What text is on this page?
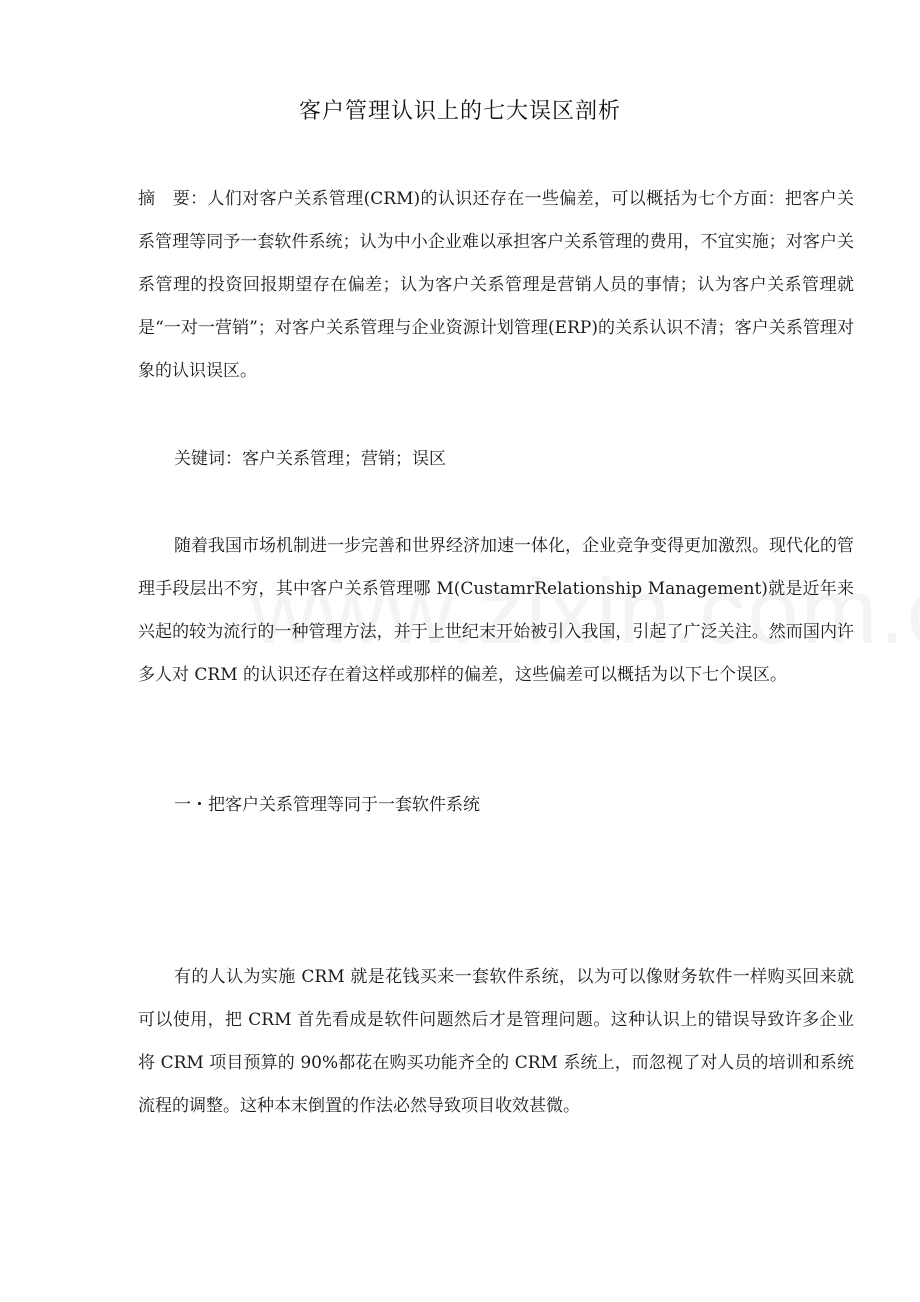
客户管理认识上的七大误区剖析

摘　要：人们对客户关系管理(CRM)的认识还存在一些偏差，可以概括为七个方面：把客户关系管理等同予一套软件系统；认为中小企业难以承担客户关系管理的费用，不宜实施；对客户关系管理的投资回报期望存在偏差；认为客户关系管理是营销人员的事情；认为客户关系管理就是“一对一营销”；对客户关系管理与企业资源计划管理(ERP)的关系认识不清；客户关系管理对象的认识误区。

关键词：客户关系管理；营销；误区

随着我国市场机制进一步完善和世界经济加速一体化，企业竞争变得更加激烈。现代化的管理手段层出不穷，其中客户关系管理哪 M(CustamrRelationship Management)就是近年来兴起的较为流行的一种管理方法，并于上世纪末开始被引入我国，引起了广泛关注。然而国内许多人对 CRM 的认识还存在着这样或那样的偏差，这些偏差可以概括为以下七个误区。

一・把客户关系管理等同于一套软件系统

有的人认为实施 CRM 就是花钱买来一套软件系统，以为可以像财务软件一样购买回来就可以使用，把 CRM 首先看成是软件问题然后才是管理问题。这种认识上的错误导致许多企业将 CRM 项目预算的 90%都花在购买功能齐全的 CRM 系统上，而忽视了对人员的培训和系统流程的调整。这种本末倒置的作法必然导致项目收效甚微。
